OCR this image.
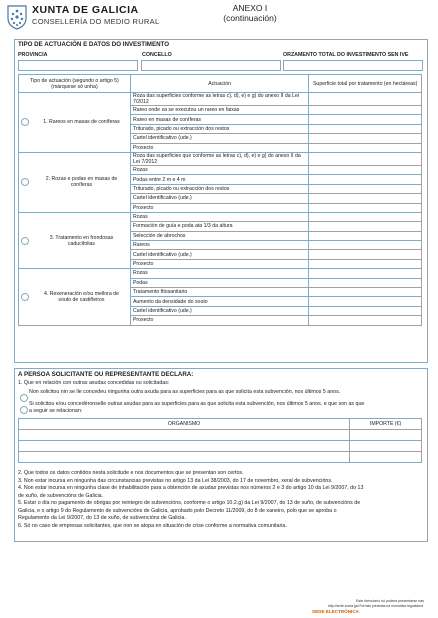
XUNTA DE GALICIA
CONSELLERÍA DO MEDIO RURAL
ANEXO I
(continuación)
TIPO DE ACTUACIÓN E DATOS DO INVESTIMENTO
PROVINCIA	CONCELLO	ORZAMENTO TOTAL DO INVESTIMENTO SEN IVE
Tipo de actuación (segundo o artigo 5) (márquese só unha)	Actuación	Superficie total por tratamento (en hectáreas)

1. Rareos en masas de coníferas	Roza das superficies conforme as letras c), d), e) e g) do anexo II da Lei 7/2012	
	Rareo onde xa se executou un rareo en faixas	
	Rareo en masas de coníferas	
	Triturado, picado ou extracción dos restos	
	Cartel identificativo (ude.)	
	Proxecto	

2. Rozas e podas en masas de coníferas	Roza das superficies que conforme as letras c), d), e) e g) do anexo II da Lei 7/2012	
	Rozas	
	Podas entre 2 m e 4 m	
	Triturado, picado ou extracción dos restos	
	Cartel identificativo (ude.)	
	Proxecto	

3. Tratamento en frondosas caducifolias	Rozas	
	Formación de guía e poda ata 1/3 da altura	
	Selección de abrochos	
	Rareos	
	Cartel identificativo (ude.)	
	Proxecto	

4. Rexeneración e/ou mellora de souto de castiñeiros	Rozas	
	Podas	
	Tratamento fitosanitario	
	Aumento da densidade do souto	
	Cartel identificativo (ude.)	
	Proxecto	
A PERSOA SOLICITANTE OU REPRESENTANTE DECLARA:
1. Que en relación con outras axudas concedidas ou solicitadas:
Non solicitou nin se lle concedeu ningunha outra axuda para as superficies para as que solicita esta subvención, nos últimos 5 anos.
Si solicitou e/ou concedéronselle outras axudas para as superficies para as que solicita esta subvención, nos últimos 5 anos, e que son as que
a seguir se relacionan:
ORGANISMO	IMPORTE (€)

2. Que todos os datos contidos nesta solicitude e nos documentos que se presentan son certos.
3. Non estar incursa en ningunha das circunstancias previstas no artigo 13 da Lei 38/2003, do 17 de novembro, xeral de subvencións.
4. Non estar incursa en ningunha clase de inhabilitación para a obtención de axudas previstas nos números 2 e 3 do artigo 10 da Lei 9/2007, do 13
de xuño, de subvencións de Galicia.
5. Estar o día no pagamento de obrigas por reintegro de subvencións, conforme o artigo 10.2.g) da Lei 9/2007, do 13 de xuño, de subvencións de
Galicia, e o artigo 9 do Regulamento de subvencións de Galicia, aprobado polo Decreto 11/2009, do 8 de xaneiro, polo que se aproba o
Regulamento da Lei 9/2007, do 13 de xuño, de subvencións de Galicia.
6. Só no caso de empresas solicitantes, que non se atopa en situación de crise conforme a normativa comunitaria.
SEDE ELECTRÓNICA
Este formulario só poderá presentarse nas
http://sede.xunta.gal Formas previstas na normativa reguladora
